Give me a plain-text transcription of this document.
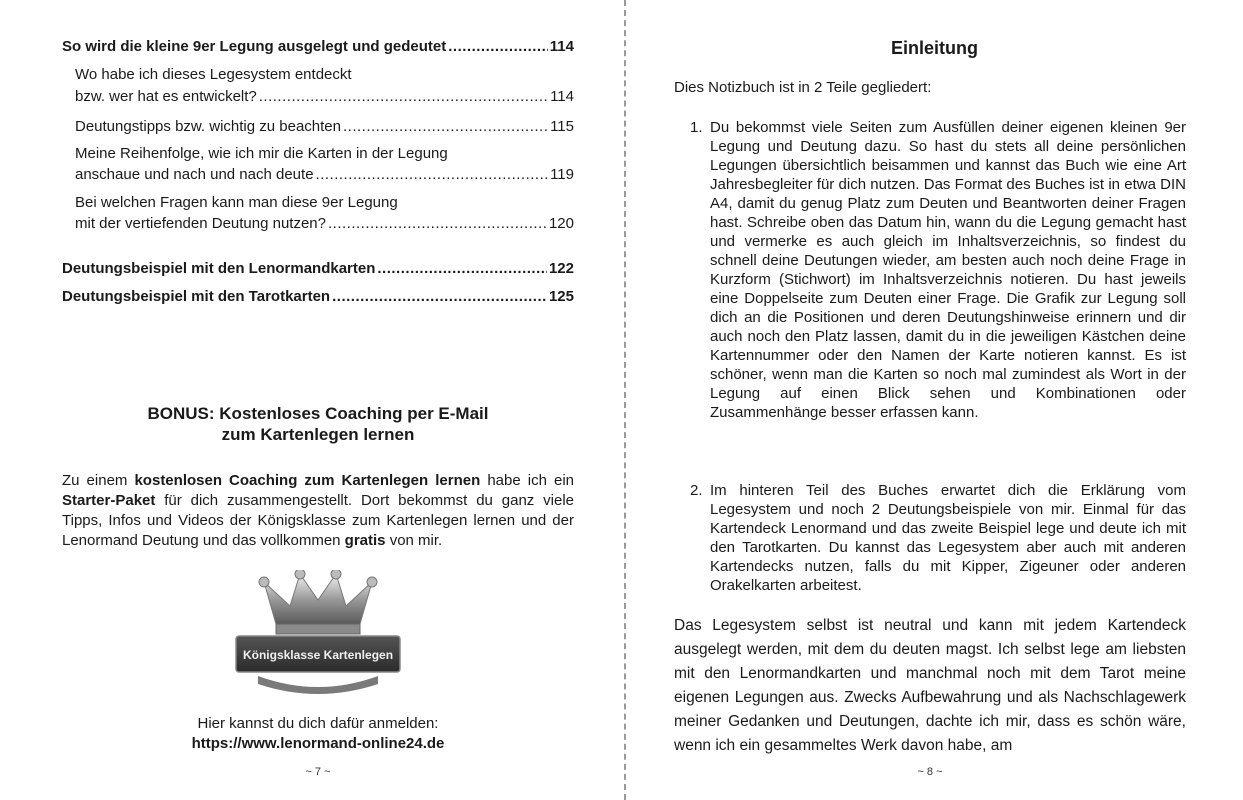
So wird die kleine 9er Legung ausgelegt und gedeutet .....	114
Wo habe ich dieses Legesystem entdeckt
bzw. wer hat es entwickelt? .....	114
Deutungstipps bzw. wichtig zu beachten .....	115
Meine Reihenfolge, wie ich mir die Karten in der Legung
anschaue und nach und nach deute .....	119
Bei welchen Fragen kann man diese 9er Legung
mit der vertiefenden Deutung nutzen? .....	120
Deutungsbeispiel mit den Lenormandkarten .....	122
Deutungsbeispiel mit den Tarotkarten .....	125
BONUS: Kostenloses Coaching per E-Mail
zum Kartenlegen lernen
Zu einem kostenlosen Coaching zum Kartenlegen lernen habe ich ein Starter-Paket für dich zusammengestellt. Dort bekommst du ganz viele Tipps, Infos und Videos der Königsklasse zum Kartenlegen lernen und der Lenormand Deutung und das vollkommen gratis von mir.
Königsklasse Kartenlegen
Hier kannst du dich dafür anmelden:
https://www.lenormand-online24.de
~ 7 ~
Einleitung
Dies Notizbuch ist in 2 Teile gegliedert:
1. Du bekommst viele Seiten zum Ausfüllen deiner eigenen kleinen 9er Legung und Deutung dazu. So hast du stets all deine persönlichen Legungen übersichtlich beisammen und kannst das Buch wie eine Art Jahresbegleiter für dich nutzen. Das Format des Buches ist in etwa DIN A4, damit du genug Platz zum Deuten und Beantworten deiner Fragen hast. Schreibe oben das Datum hin, wann du die Legung gemacht hast und vermerke es auch gleich im Inhaltsverzeichnis, so findest du schnell deine Deutungen wieder, am besten auch noch deine Frage in Kurzform (Stichwort) im Inhaltsverzeichnis notieren. Du hast jeweils eine Doppelseite zum Deuten einer Frage. Die Grafik zur Legung soll dich an die Positionen und deren Deutungshinweise erinnern und dir auch noch den Platz lassen, damit du in die jeweiligen Kästchen deine Kartennummer oder den Namen der Karte notieren kannst. Es ist schöner, wenn man die Karten so noch mal zumindest als Wort in der Legung auf einen Blick sehen und Kombinationen oder Zusammenhänge besser erfassen kann.
2. Im hinteren Teil des Buches erwartet dich die Erklärung vom Legesystem und noch 2 Deutungsbeispiele von mir. Einmal für das Kartendeck Lenormand und das zweite Beispiel lege und deute ich mit den Tarotkarten. Du kannst das Legesystem aber auch mit anderen Kartendecks nutzen, falls du mit Kipper, Zigeuner oder anderen Orakelkarten arbeitest.
Das Legesystem selbst ist neutral und kann mit jedem Kartendeck ausgelegt werden, mit dem du deuten magst. Ich selbst lege am liebsten mit den Lenormandkarten und manchmal noch mit dem Tarot meine eigenen Legungen aus. Zwecks Aufbewahrung und als Nachschlagewerk meiner Gedanken und Deutungen, dachte ich mir, dass es schön wäre, wenn ich ein gesammeltes Werk davon habe, am
~ 8 ~
